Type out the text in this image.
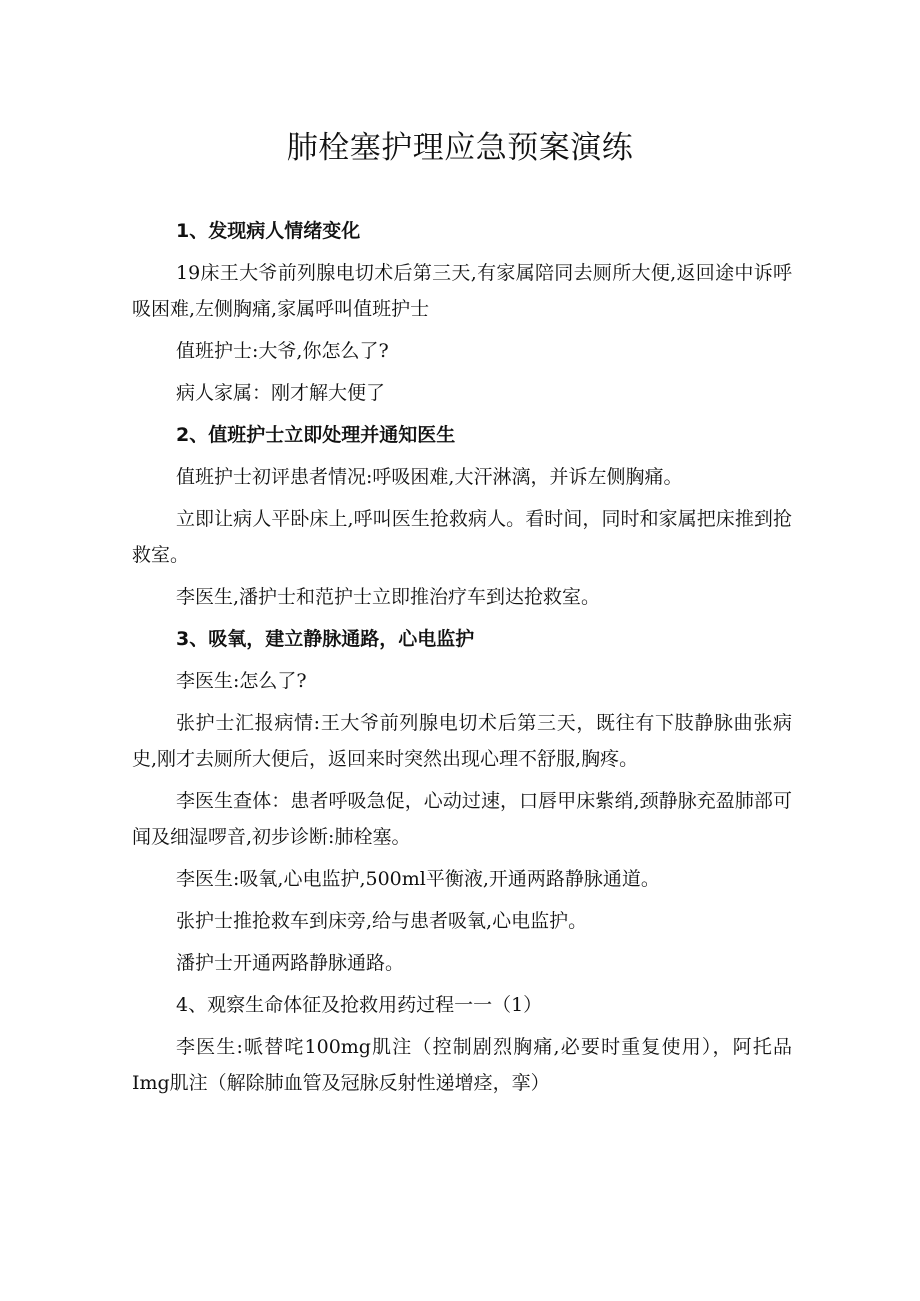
肺栓塞护理应急预案演练

1、发现病人情绪变化

19床王大爷前列腺电切术后第三天,有家属陪同去厕所大便,返回途中诉呼吸困难,左侧胸痛,家属呼叫值班护士

值班护士:大爷,你怎么了?

病人家属：刚才解大便了

2、值班护士立即处理并通知医生

值班护士初评患者情况:呼吸困难,大汗淋漓，并诉左侧胸痛。

立即让病人平卧床上,呼叫医生抢救病人。看时间，同时和家属把床推到抢救室。

李医生,潘护士和范护士立即推治疗车到达抢救室。

3、吸氧，建立静脉通路，心电监护

李医生:怎么了?

张护士汇报病情:王大爷前列腺电切术后第三天，既往有下肢静脉曲张病史,刚才去厕所大便后，返回来时突然出现心理不舒服,胸疼。

李医生查体：患者呼吸急促，心动过速，口唇甲床紫绡,颈静脉充盈肺部可闻及细湿啰音,初步诊断:肺栓塞。

李医生:吸氧,心电监护,500ml平衡液,开通两路静脉通道。

张护士推抢救车到床旁,给与患者吸氧,心电监护。

潘护士开通两路静脉通路。

4、观察生命体征及抢救用药过程一一（1）

李医生:哌替咤100mg肌注（控制剧烈胸痛,必要时重复使用），阿托品Img肌注（解除肺血管及冠脉反射性递增痉，挛）
